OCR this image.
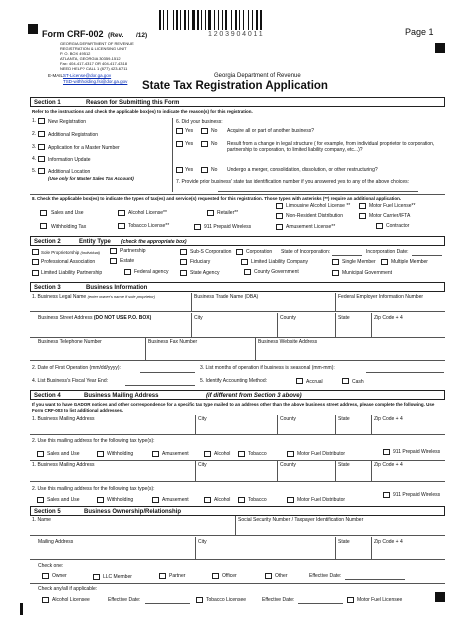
Page 1
Form CRF-002 (Rev. /12)
GEORGIA DEPARTMENT OF REVENUE
REGISTRATION & LICENSING UNIT
P. O. BOX 49512
ATLANTA, GEORGIA 30359-1512
Fax: 404-417-4317 OR 404-417-4318
NEED HELP? CALL 1 (877) 423-6711
E-MAIL:
ST-License@dor.ga.gov
TSD-withholding.fsi@dor.ga.gov
1203904011
Georgia Department of Revenue
State Tax Registration Application
Section 1	Reason for Submitting this Form
Refer to the instructions and check the applicable box(es) to indicate the reason(s) for this registration.
1. New Registration
2. Additional Registration
3. Application for a Master Number
4. Information Update
5. Additional Location
(Use only for Master Sales Tax Account)
6. Did your business:
Yes	No Acquire all or part of another business?
Yes	No Result from a change in legal structure ( for example, from individual proprietor to corporation, partnership to corporation, to limited liability company, etc...)?
Yes	No Undergo a merger, consolidation, dissolution, or other restructuring?
7. Provide prior business' state tax identification number if you answered yes to any of the above choices:
8. Check the applicable box(es) to indicate the types of tax(es) and service(s) requested for this registration. Those types with asterisks (**) require an additional application.
Sales and Use	Alcohol License**
Limousine Alcohol License **	Motor Fuel License**
Retailer**	Non-Resident Distribution	Motor Carrier/IFTA
Withholding Tax	Tobacco License**	911 Prepaid Wireless	Amusement License**	Contractor
Section 2	Entity Type (check the appropriate box)
Sole Proprietorship (Individual)	Partnership	Sub-S Corporation	Corporation State of Incorporation:	Incorporation Date:
Professional Association	Estate	Fiduciary	Limited Liability Company	Single Member	Multiple Member
Limited Liability Partnership	Federal agency	State Agency	County Government	Municipal Government
Section 3	Business Information
1. Business Legal Name (enter owner's name if sole proprietor)	Business Trade Name (DBA)	Federal Employer Information Number
Business Street Address (DO NOT USE P.O. BOX)	City	County	State	Zip Code + 4
Business Telephone Number	Business Fax Number	Business Website Address
2. Date of First Operation (mm/dd/yyyy):	3. List months of operation if business is seasonal (mm-mm):
4. List Business's Fiscal Year End:	5. Identify Accounting Method:	Accrual	Cash
Section 4	Business Mailing Address	(if different from Section 3 above)
If you want to have GADOR notices and other correspondence for a specific tax type mailed to an address other than the above business street address, please complete the following. Use Form CRF-003 to list additional addresses.
1. Business Mailing Address	City	County	State	Zip Code + 4
2. Use this mailing address for the following tax type(s):
Sales and Use	Withholding	Amusement	Alcohol	Tobacco	Motor Fuel Distributor	911 Prepaid Wireless
1. Business Mailing Address	City	County	State	Zip Code + 4
2. Use this mailing address for the following tax type(s):
Sales and Use	Withholding	Amusement	Alcohol	Tobacco	Motor Fuel Distributor
911 Prepaid Wireless
Section 5	Business Ownership/Relationship
1. Name	Social Security Number / Taxpayer Identification Number
Mailing Address	City	State	Zip Code + 4
Check one:
Owner	LLC Member	Partner	Officer	Other	Effective Date:
Check any/all if applicable:
Alcohol Licensee	Effective Date:	Tobacco Licensee	Effective Date:	Motor Fuel Licensee
